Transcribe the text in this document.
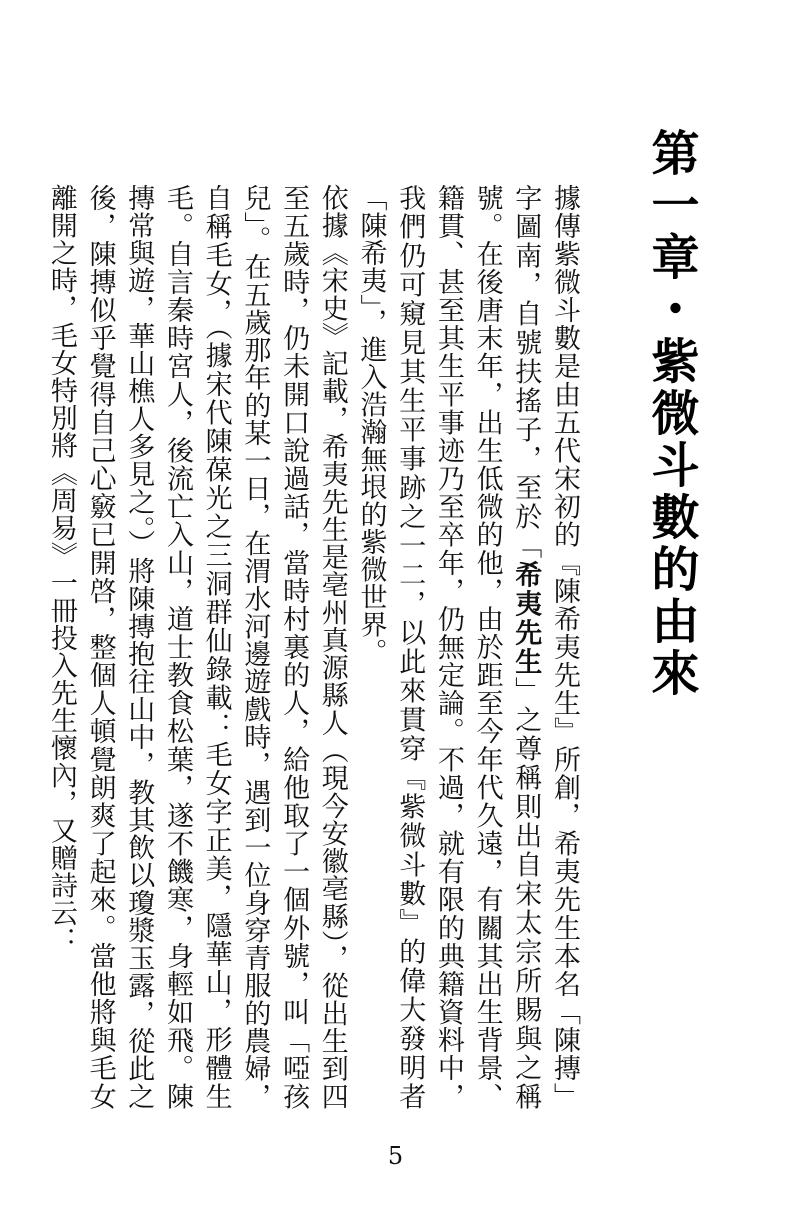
第一章・紫微斗數的由來

據傳紫微斗數是由五代宋初的『陳希夷先生』所創，希夷先生本名「陳摶」字圖南，自號扶搖子，至於「希夷先生」之尊稱則出自宋太宗所賜與之稱號。在後唐末年，出生低微的他，由於距至今年代久遠，有關其出生背景、籍貫、甚至其生平事迹乃至卒年，仍無定論。不過，就有限的典籍資料中，我們仍可窺見其生平事跡之一二，以此來貫穿『紫微斗數』的偉大發明者「陳希夷」，進入浩瀚無垠的紫微世界。

依據《宋史》記載，希夷先生是亳州真源縣人（現今安徽亳縣），從出生到四至五歲時，仍未開口說過話，當時村裏的人，給他取了一個外號，叫「啞孩兒」。在五歲那年的某一日，在渭水河邊遊戲時，遇到一位身穿青服的農婦，自稱毛女，（據宋代陳葆光之三洞群仙錄載：毛女字正美，隱華山，形體生毛。自言秦時宮人，後流亡入山，道士教食松葉，遂不饑寒，身輕如飛。陳摶常與遊，華山樵人多見之。）將陳摶抱往山中，教其飲以瓊漿玉露，從此之後，陳摶似乎覺得自己心竅已開啓，整個人頓覺朗爽了起來。當他將與毛女離開之時，毛女特別將《周易》一冊投入先生懷內，又贈詩云：

5
